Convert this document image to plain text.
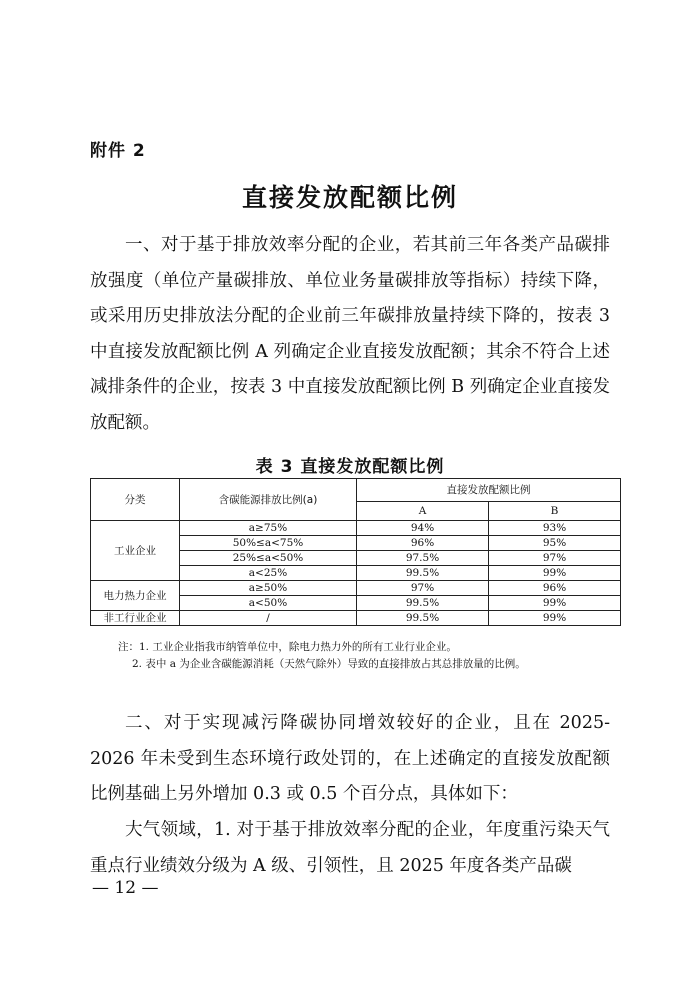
附件 2
直接发放配额比例

一、对于基于排放效率分配的企业，若其前三年各类产品碳排放强度（单位产量碳排放、单位业务量碳排放等指标）持续下降，或采用历史排放法分配的企业前三年碳排放量持续下降的，按表 3 中直接发放配额比例 A 列确定企业直接发放配额；其余不符合上述减排条件的企业，按表 3 中直接发放配额比例 B 列确定企业直接发放配额。

表 3 直接发放配额比例
分类	含碳能源排放比例(a)	直接发放配额比例	
		A	B
工业企业	a≥75%	94%	93%
	50%≤a<75%	96%	95%
	25%≤a<50%	97.5%	97%
	a<25%	99.5%	99%
电力热力企业	a≥50%	97%	96%
	a<50%	99.5%	99%
非工行业企业	/	99.5%	99%
注：1. 工业企业指我市纳管单位中，除电力热力外的所有工业行业企业。
2. 表中 a 为企业含碳能源消耗（天然气除外）导致的直接排放占其总排放量的比例。

二、对于实现减污降碳协同增效较好的企业，且在 2025-2026 年未受到生态环境行政处罚的，在上述确定的直接发放配额比例基础上另外增加 0.3 或 0.5 个百分点，具体如下：

大气领域，1. 对于基于排放效率分配的企业，年度重污染天气重点行业绩效分级为 A 级、引领性，且 2025 年度各类产品碳

— 12 —
